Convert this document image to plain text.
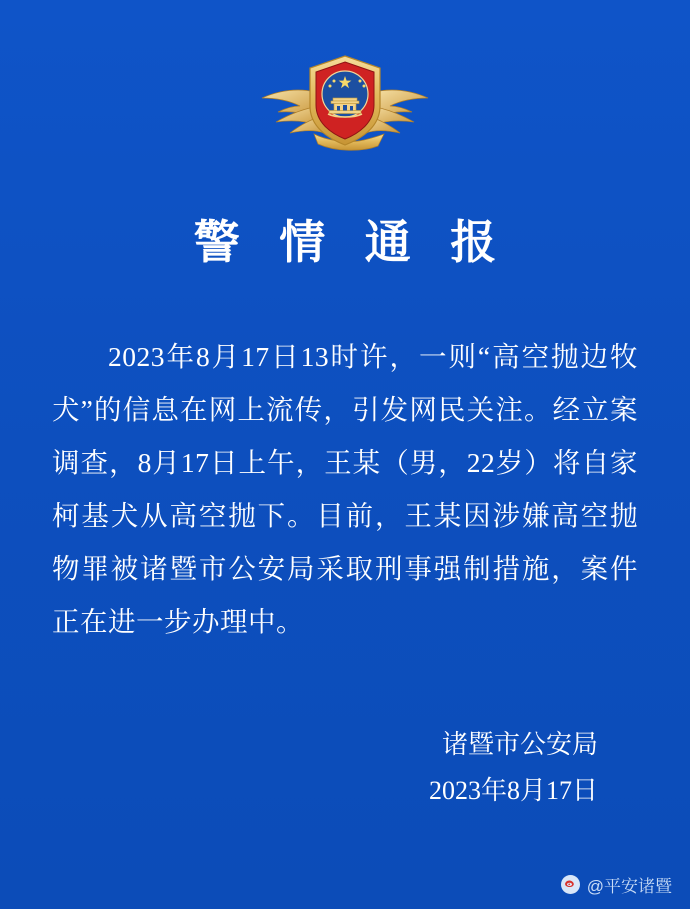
警 情 通 报
2023年8月17日13时许，一则“高空抛边牧犬”的信息在网上流传，引发网民关注。经立案调查，8月17日上午，王某（男，22岁）将自家柯基犬从高空抛下。目前，王某因涉嫌高空抛物罪被诸暨市公安局采取刑事强制措施，案件正在进一步办理中。
诸暨市公安局
2023年8月17日
@平安诸暨
